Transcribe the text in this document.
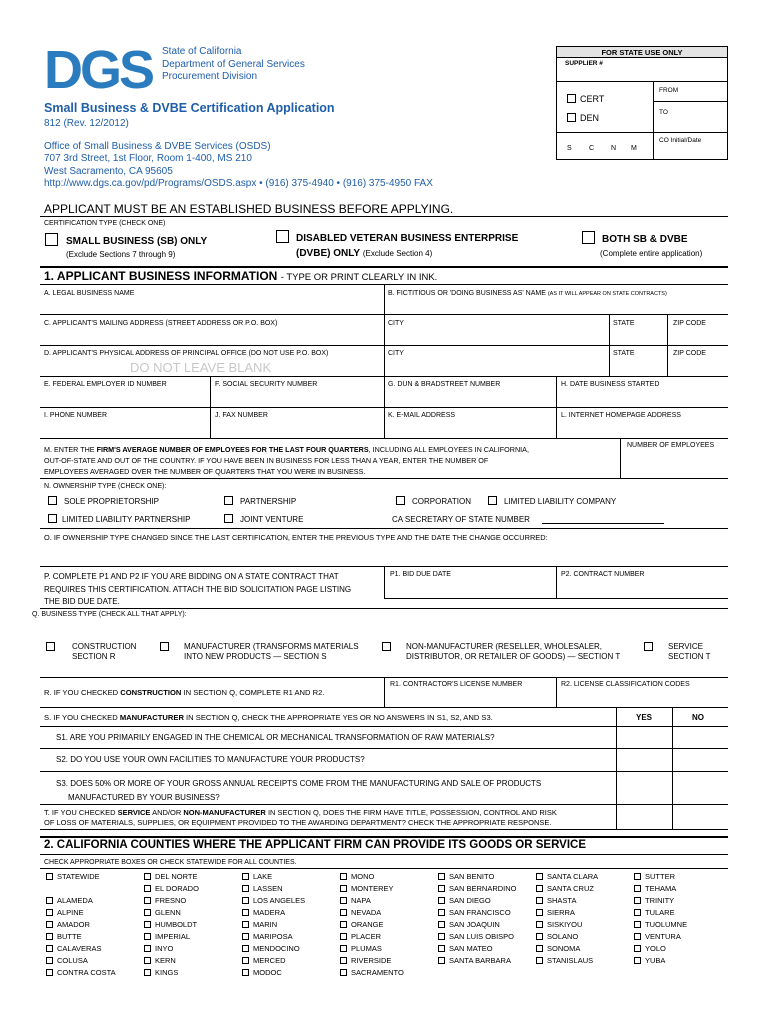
DGS State of California
Department of General Services
Procurement Division
Small Business & DVBE Certification Application
812 (Rev. 12/2012)
Office of Small Business & DVBE Services (OSDS)
707 3rd Street, 1st Floor, Room 1-400, MS 210
West Sacramento, CA 95605
http://www.dgs.ca.gov/pd/Programs/OSDS.aspx • (916) 375-4940 • (916) 375-4950 FAX
FOR STATE USE ONLY
SUPPLIER #
FROM
CERT
TO
DEN
CO Initial/Date
S C N M
APPLICANT MUST BE AN ESTABLISHED BUSINESS BEFORE APPLYING.
CERTIFICATION TYPE (CHECK ONE)
SMALL BUSINESS (SB) ONLY
(Exclude Sections 7 through 9)
DISABLED VETERAN BUSINESS ENTERPRISE
(DVBE) ONLY (Exclude Section 4)
BOTH SB & DVBE
(Complete entire application)
1. APPLICANT BUSINESS INFORMATION - TYPE OR PRINT CLEARLY IN INK.
A. LEGAL BUSINESS NAME	B. FICTITIOUS OR 'DOING BUSINESS AS' NAME (AS IT WILL APPEAR ON STATE CONTRACTS)
C. APPLICANT'S MAILING ADDRESS (STREET ADDRESS OR P.O. BOX)	CITY	STATE	ZIP CODE
D. APPLICANT'S PHYSICAL ADDRESS OF PRINCIPAL OFFICE (DO NOT USE P.O. BOX)	CITY	STATE	ZIP CODE
DO NOT LEAVE BLANK
E. FEDERAL EMPLOYER ID NUMBER	F. SOCIAL SECURITY NUMBER	G. DUN & BRADSTREET NUMBER	H. DATE BUSINESS STARTED
I. PHONE NUMBER	J. FAX NUMBER	K. E-MAIL ADDRESS	L. INTERNET HOMEPAGE ADDRESS
M. ENTER THE FIRM'S AVERAGE NUMBER OF EMPLOYEES FOR THE LAST FOUR QUARTERS, INCLUDING ALL EMPLOYEES IN CALIFORNIA,
OUT-OF-STATE AND OUT OF THE COUNTRY. IF YOU HAVE BEEN IN BUSINESS FOR LESS THAN A YEAR, ENTER THE NUMBER OF
EMPLOYEES AVERAGED OVER THE NUMBER OF QUARTERS THAT YOU WERE IN BUSINESS.
NUMBER OF EMPLOYEES
N. OWNERSHIP TYPE (CHECK ONE):
SOLE PROPRIETORSHIP	PARTNERSHIP	CORPORATION	LIMITED LIABILITY COMPANY
LIMITED LIABILITY PARTNERSHIP	JOINT VENTURE	CA SECRETARY OF STATE NUMBER
O. IF OWNERSHIP TYPE CHANGED SINCE THE LAST CERTIFICATION, ENTER THE PREVIOUS TYPE AND THE DATE THE CHANGE OCCURRED:
P. COMPLETE P1 AND P2 IF YOU ARE BIDDING ON A STATE CONTRACT THAT
REQUIRES THIS CERTIFICATION. ATTACH THE BID SOLICITATION PAGE LISTING
THE BID DUE DATE.
P1. BID DUE DATE	P2. CONTRACT NUMBER
Q. BUSINESS TYPE (CHECK ALL THAT APPLY):
CONSTRUCTION
SECTION R
MANUFACTURER (TRANSFORMS MATERIALS
INTO NEW PRODUCTS — SECTION S
NON-MANUFACTURER (RESELLER, WHOLESALER,
DISTRIBUTOR, OR RETAILER OF GOODS) — SECTION T
SERVICE
SECTION T
R. IF YOU CHECKED CONSTRUCTION IN SECTION Q, COMPLETE R1 AND R2.
R1. CONTRACTOR'S LICENSE NUMBER	R2. LICENSE CLASSIFICATION CODES
S. IF YOU CHECKED MANUFACTURER IN SECTION Q, CHECK THE APPROPRIATE YES OR NO ANSWERS IN S1, S2, AND S3.	YES	NO
S1. ARE YOU PRIMARILY ENGAGED IN THE CHEMICAL OR MECHANICAL TRANSFORMATION OF RAW MATERIALS?
S2. DO YOU USE YOUR OWN FACILITIES TO MANUFACTURE YOUR PRODUCTS?
S3. DOES 50% OR MORE OF YOUR GROSS ANNUAL RECEIPTS COME FROM THE MANUFACTURING AND SALE OF PRODUCTS
MANUFACTURED BY YOUR BUSINESS?
T. IF YOU CHECKED SERVICE AND/OR NON-MANUFACTURER IN SECTION Q, DOES THE FIRM HAVE TITLE, POSSESSION, CONTROL AND RISK
OF LOSS OF MATERIALS, SUPPLIES, OR EQUIPMENT PROVIDED TO THE AWARDING DEPARTMENT? CHECK THE APPROPRIATE RESPONSE.
2. CALIFORNIA COUNTIES WHERE THE APPLICANT FIRM CAN PROVIDE ITS GOODS OR SERVICE
CHECK APPROPRIATE BOXES OR CHECK STATEWIDE FOR ALL COUNTIES.
STATEWIDE
ALAMEDA
ALPINE
AMADOR
BUTTE
CALAVERAS
COLUSA
CONTRA COSTA
DEL NORTE
EL DORADO
FRESNO
GLENN
HUMBOLDT
IMPERIAL
INYO
KERN
KINGS
LAKE
LASSEN
LOS ANGELES
MADERA
MARIN
MARIPOSA
MENDOCINO
MERCED
MODOC
MONO
MONTEREY
NAPA
NEVADA
ORANGE
PLACER
PLUMAS
RIVERSIDE
SACRAMENTO
SAN BENITO
SAN BERNARDINO
SAN DIEGO
SAN FRANCISCO
SAN JOAQUIN
SAN LUIS OBISPO
SAN MATEO
SANTA BARBARA
SANTA CLARA
SANTA CRUZ
SHASTA
SIERRA
SISKIYOU
SOLANO
SONOMA
STANISLAUS
SUTTER
TEHAMA
TRINITY
TULARE
TUOLUMNE
VENTURA
YOLO
YUBA
